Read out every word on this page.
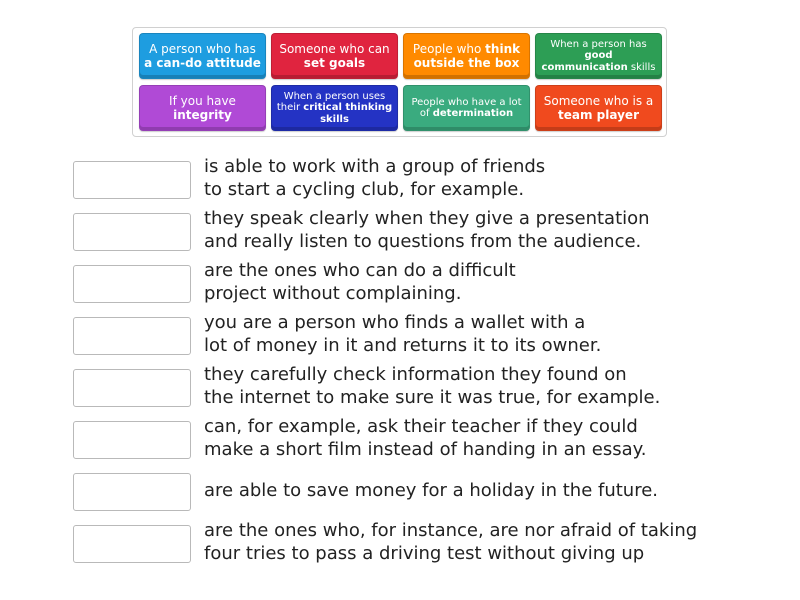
A person who has a can-do attitude
Someone who can set goals
People who think outside the box
When a person has good communication skills
If you have integrity
When a person uses their critical thinking skills
People who have a lot of determination
Someone who is a team player
is able to work with a group of friends
to start a cycling club, for example.
they speak clearly when they give a presentation
and really listen to questions from the audience.
are the ones who can do a difficult
project without complaining.
you are a person who finds a wallet with a
lot of money in it and returns it to its owner.
they carefully check information they found on
the internet to make sure it was true, for example.
can, for example, ask their teacher if they could
make a short film instead of handing in an essay.
are able to save money for a holiday in the future.
are the ones who, for instance, are nor afraid of taking
four tries to pass a driving test without giving up
